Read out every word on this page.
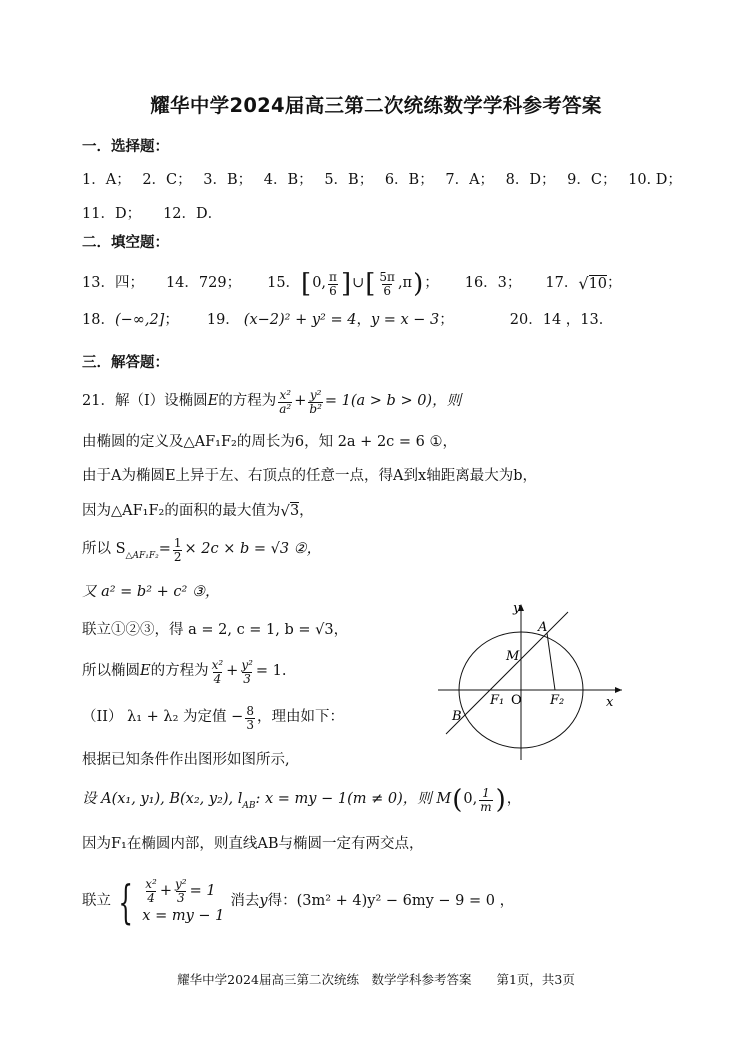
耀华中学2024届高三第二次统练数学学科参考答案
一．选择题：
1．A； 2．C； 3．B； 4．B； 5．B； 6．B； 7．A； 8．D； 9．C； 10. D；
11．D； 12．D．
二．填空题：
13．四； 14．729； 15． [ 0, $\frac{\pi}{6}$ ] ∪ [ $\frac{5\pi}{6} ,\pi$ ) ； 16．3； 17． √ 10 ；
18． (−∞,2] ； 19． (x−2)² + y² = 4 ， y = x − 3 ；	20．14 ，13．
三．解答题：
21．解（I）设椭圆 E 的方程为 $\frac{\text{x²}}{\text{a²}} + \frac{\text{y²}}{\text{b²}} = 1(a > b > 0)$，则
由椭圆的定义及△AF₁F₂的周长为6，知 2a + 2c = 6 ①，
由于A为椭圆E上异于左、右顶点的任意一点，得A到x轴距离最大为b，
因为△AF₁F₂的面积的最大值为 √ 3 ，
所以 S △AF₁F₂ = $\frac{1}{2} \times 2c \times b = √3$ ②，
又 a² = b² + c² ③，
联立①②③，得 a = 2, c = 1, b = √3，
所以椭圆 E 的方程为 $\frac{\text{x²}}{4} + \frac{\text{y²}}{3} = 1$.
（II） λ₁ + λ₂ 为定值 − $\frac{8}{3}$ ，理由如下：
根据已知条件作出图形如图所示,
设 A(x₁, y₁), B(x₂, y₂), l AB : x = my − 1(m ≠ 0)，则 M ( 0, $\frac{1}{m}$ ) ，
因为F₁在椭圆内部，则直线AB与椭圆一定有两交点，
联立 { $\frac{\text{x²}}{4} + \frac{\text{y²}}{3} = 1$
x = my − 1
消去 y 得：(3m² + 4)y² − 6my − 9 = 0 ，
y
x
A
M
B
F₁ O F₂
耀华中学2024届高三第二次统练　数学学科参考答案　　第1页，共3页
